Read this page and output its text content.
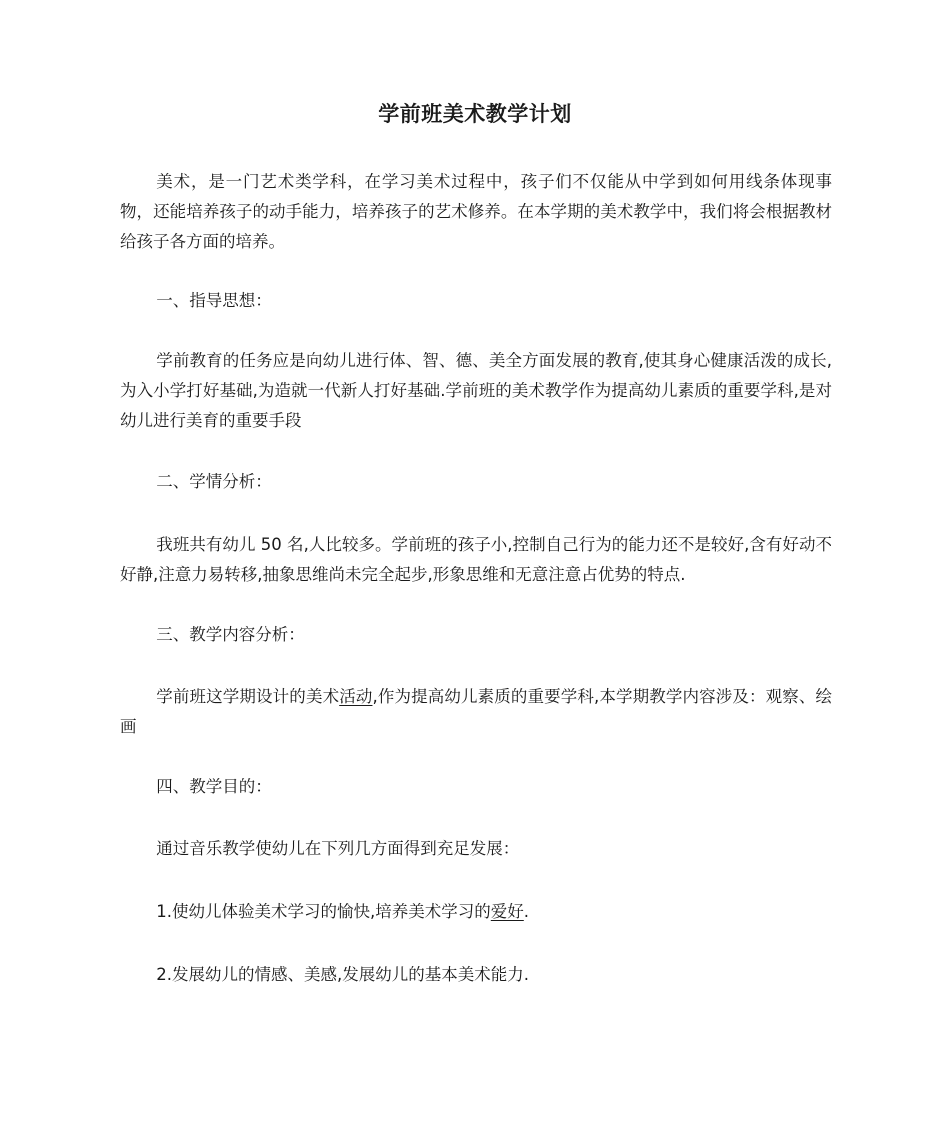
学前班美术教学计划

美术，是一门艺术类学科，在学习美术过程中，孩子们不仅能从中学到如何用线条体现事物，还能培养孩子的动手能力，培养孩子的艺术修养。在本学期的美术教学中，我们将会根据教材给孩子各方面的培养。

一、指导思想：

学前教育的任务应是向幼儿进行体、智、德、美全方面发展的教育,使其身心健康活泼的成长,为入小学打好基础,为造就一代新人打好基础.学前班的美术教学作为提高幼儿素质的重要学科,是对幼儿进行美育的重要手段

二、学情分析：

我班共有幼儿 50 名,人比较多。学前班的孩子小,控制自己行为的能力还不是较好,含有好动不好静,注意力易转移,抽象思维尚未完全起步,形象思维和无意注意占优势的特点.

三、教学内容分析：

学前班这学期设计的美术活动,作为提高幼儿素质的重要学科,本学期教学内容涉及：观察、绘画

四、教学目的：

通过音乐教学使幼儿在下列几方面得到充足发展：

1.使幼儿体验美术学习的愉快,培养美术学习的爱好.

2.发展幼儿的情感、美感,发展幼儿的基本美术能力.
